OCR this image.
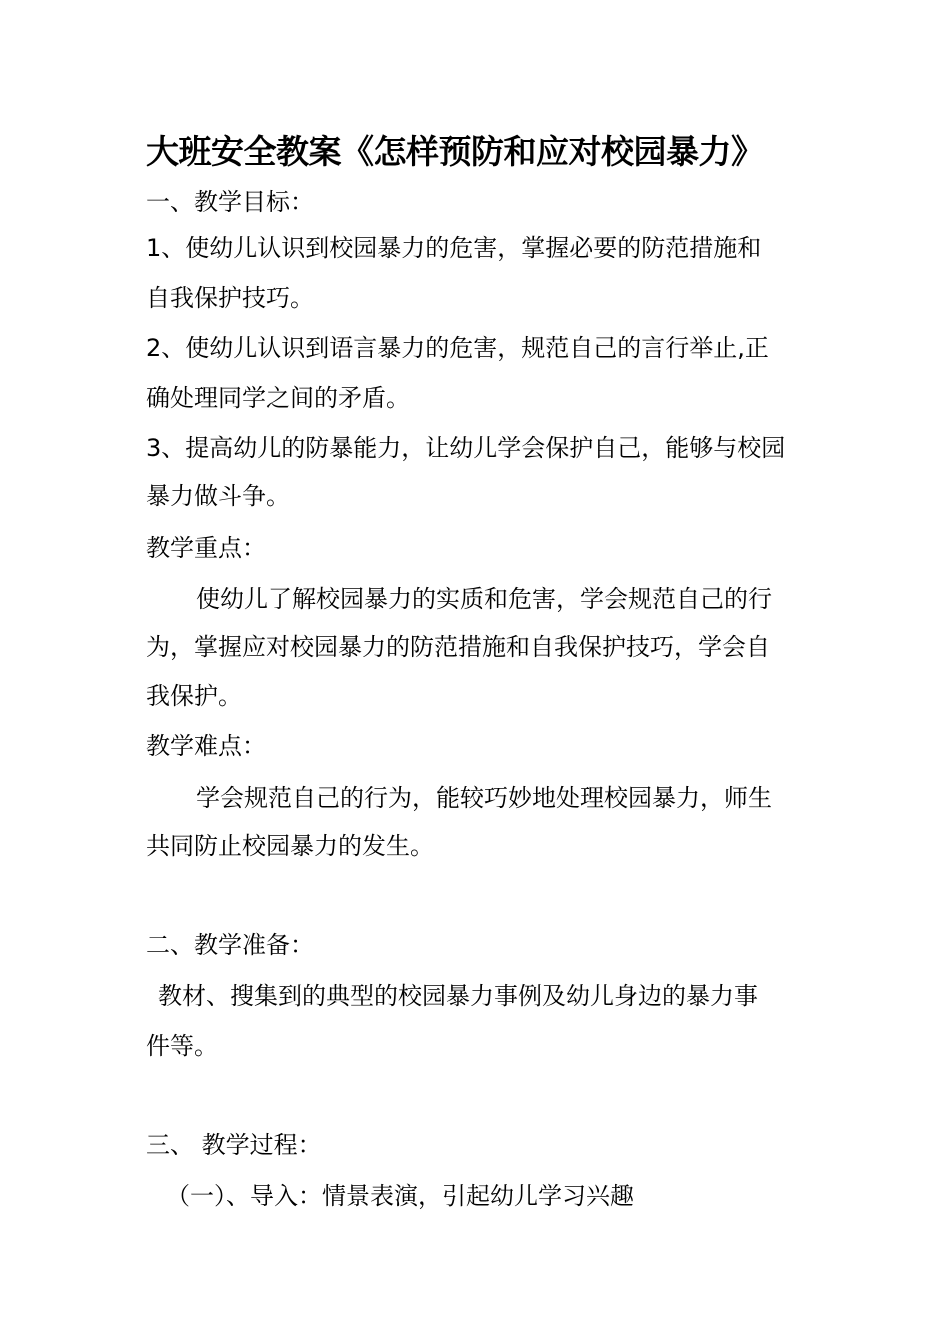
大班安全教案《怎样预防和应对校园暴力》
一、教学目标：
1、使幼儿认识到校园暴力的危害，掌握必要的防范措施和
自我保护技巧。
2、使幼儿认识到语言暴力的危害，规范自己的言行举止,正
确处理同学之间的矛盾。
3、提高幼儿的防暴能力，让幼儿学会保护自己，能够与校园
暴力做斗争。
教学重点：
使幼儿了解校园暴力的实质和危害，学会规范自己的行
为，掌握应对校园暴力的防范措施和自我保护技巧，学会自
我保护。
教学难点：
学会规范自己的行为，能较巧妙地处理校园暴力，师生
共同防止校园暴力的发生。
二、教学准备：
教材、搜集到的典型的校园暴力事例及幼儿身边的暴力事
件等。
三、 教学过程：
（一）、导入：情景表演，引起幼儿学习兴趣
